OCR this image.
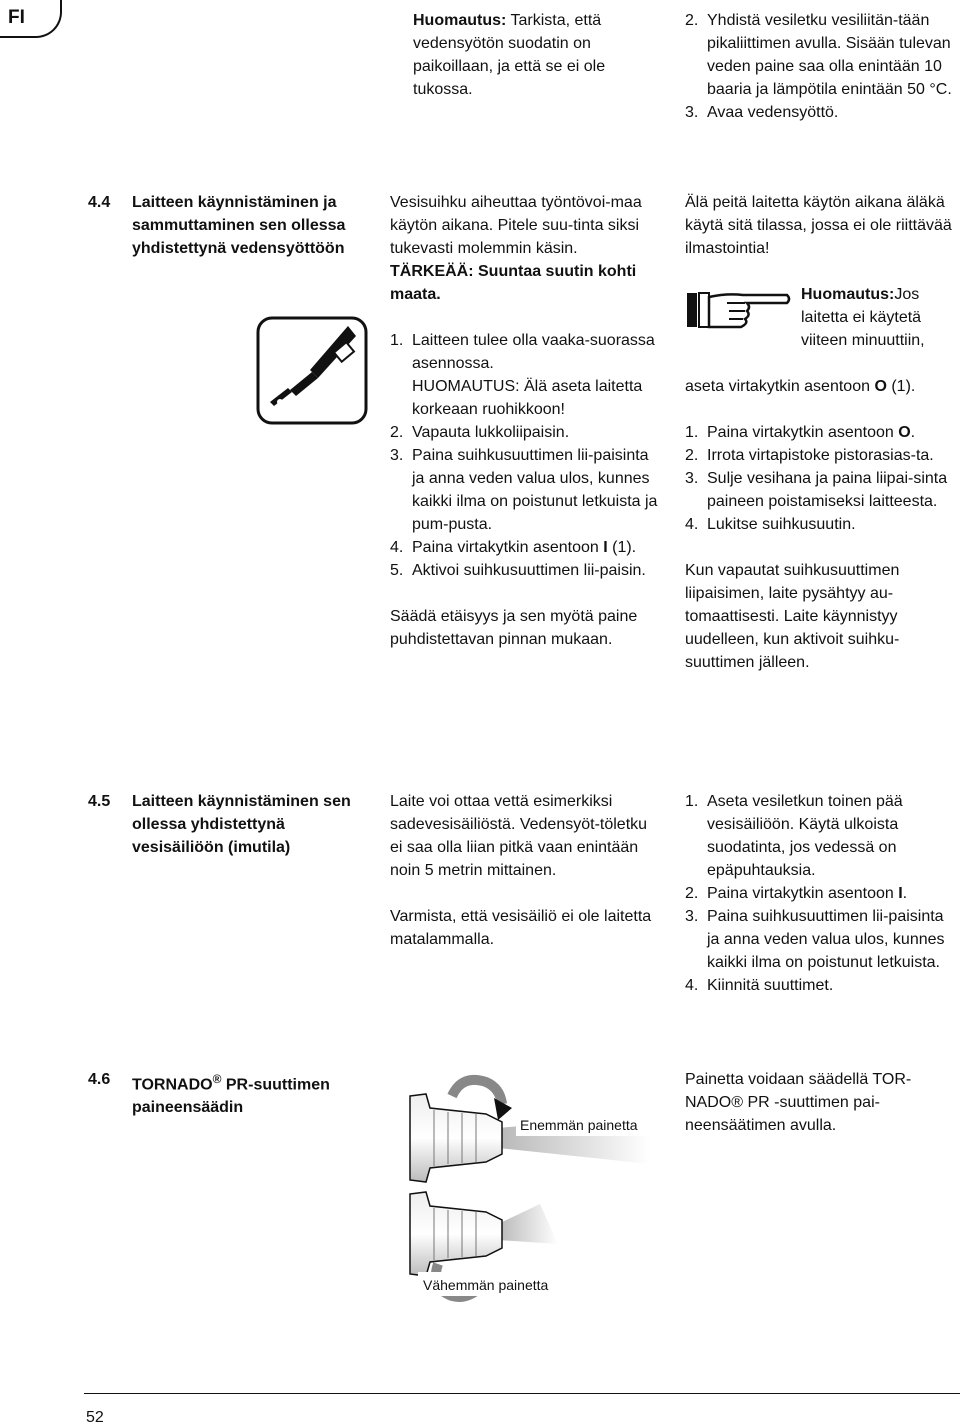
FI	Huomautus: Tarkista, että vedensyötön suodatin on paikoillaan, ja että se ei ole tukossa.
2. Yhdistä vesiletku vesiliitän-tään pikaliittimen avulla. Sisään tulevan veden paine saa olla enintään 10 baaria ja lämpötila enintään 50 °C.
3. Avaa vedensyöttö.
4.4	Laitteen käynnistäminen ja sammuttaminen sen ollessa yhdistettynä vedensyöttöön

Vesisuihku aiheuttaa työntövoi-maa käytön aikana. Pitele suu-tinta siksi tukevasti molemmin käsin. TÄRKEÄÄ: Suuntaa suutin kohti maata.

1. Laitteen tulee olla vaaka-suorassa asennossa.
HUOMAUTUS: Älä aseta laitetta korkeaan ruohikkoon!
2. Vapauta lukkoliipaisin.
3. Paina suihkusuuttimen lii-paisinta ja anna veden valua ulos, kunnes kaikki ilma on poistunut letkuista ja pum-pusta.
4. Paina virtakytkin asentoon I (1).
5. Aktivoi suihkusuuttimen lii-paisin.

Säädä etäisyys ja sen myötä paine puhdistettavan pinnan mukaan.

Älä peitä laitetta käytön aikana äläkä käytä sitä tilassa, jossa ei ole riittävää ilmastointia!

Huomautus:Jos laitetta ei käytetä viiteen minuuttiin,

aseta virtakytkin asentoon O (1).

1. Paina virtakytkin asentoon O.
2. Irrota virtapistoke pistorasias-ta.
3. Sulje vesihana ja paina liipai-sinta paineen poistamiseksi laitteesta.
4. Lukitse suihkusuutin.

Kun vapautat suihkusuuttimen liipaisimen, laite pysähtyy au-tomaattisesti. Laite käynnistyy uudelleen, kun aktivoit suihku-suuttimen jälleen.

4.5	Laitteen käynnistäminen sen ollessa yhdistettynä vesisäiliöön (imutila)

Laite voi ottaa vettä esimerkiksi sadevesisäiliöstä. Vedensyöt-töletku ei saa olla liian pitkä vaan enintään noin 5 metrin mittainen.

Varmista, että vesisäiliö ei ole laitetta matalammalla.

1. Aseta vesiletkun toinen pää vesisäiliöön. Käytä ulkoista suodatinta, jos vedessä on epäpuhtauksia.
2. Paina virtakytkin asentoon I.
3. Paina suihkusuuttimen lii-paisinta ja anna veden valua ulos, kunnes kaikki ilma on poistunut letkuista.
4. Kiinnitä suuttimet.
4.6	TORNADO® PR-suuttimen paineensäädin
Enemmän painetta
Vähemmän painetta
Painetta voidaan säädellä TOR-NADO® PR -suuttimen pai-neensäätimen avulla.
52
